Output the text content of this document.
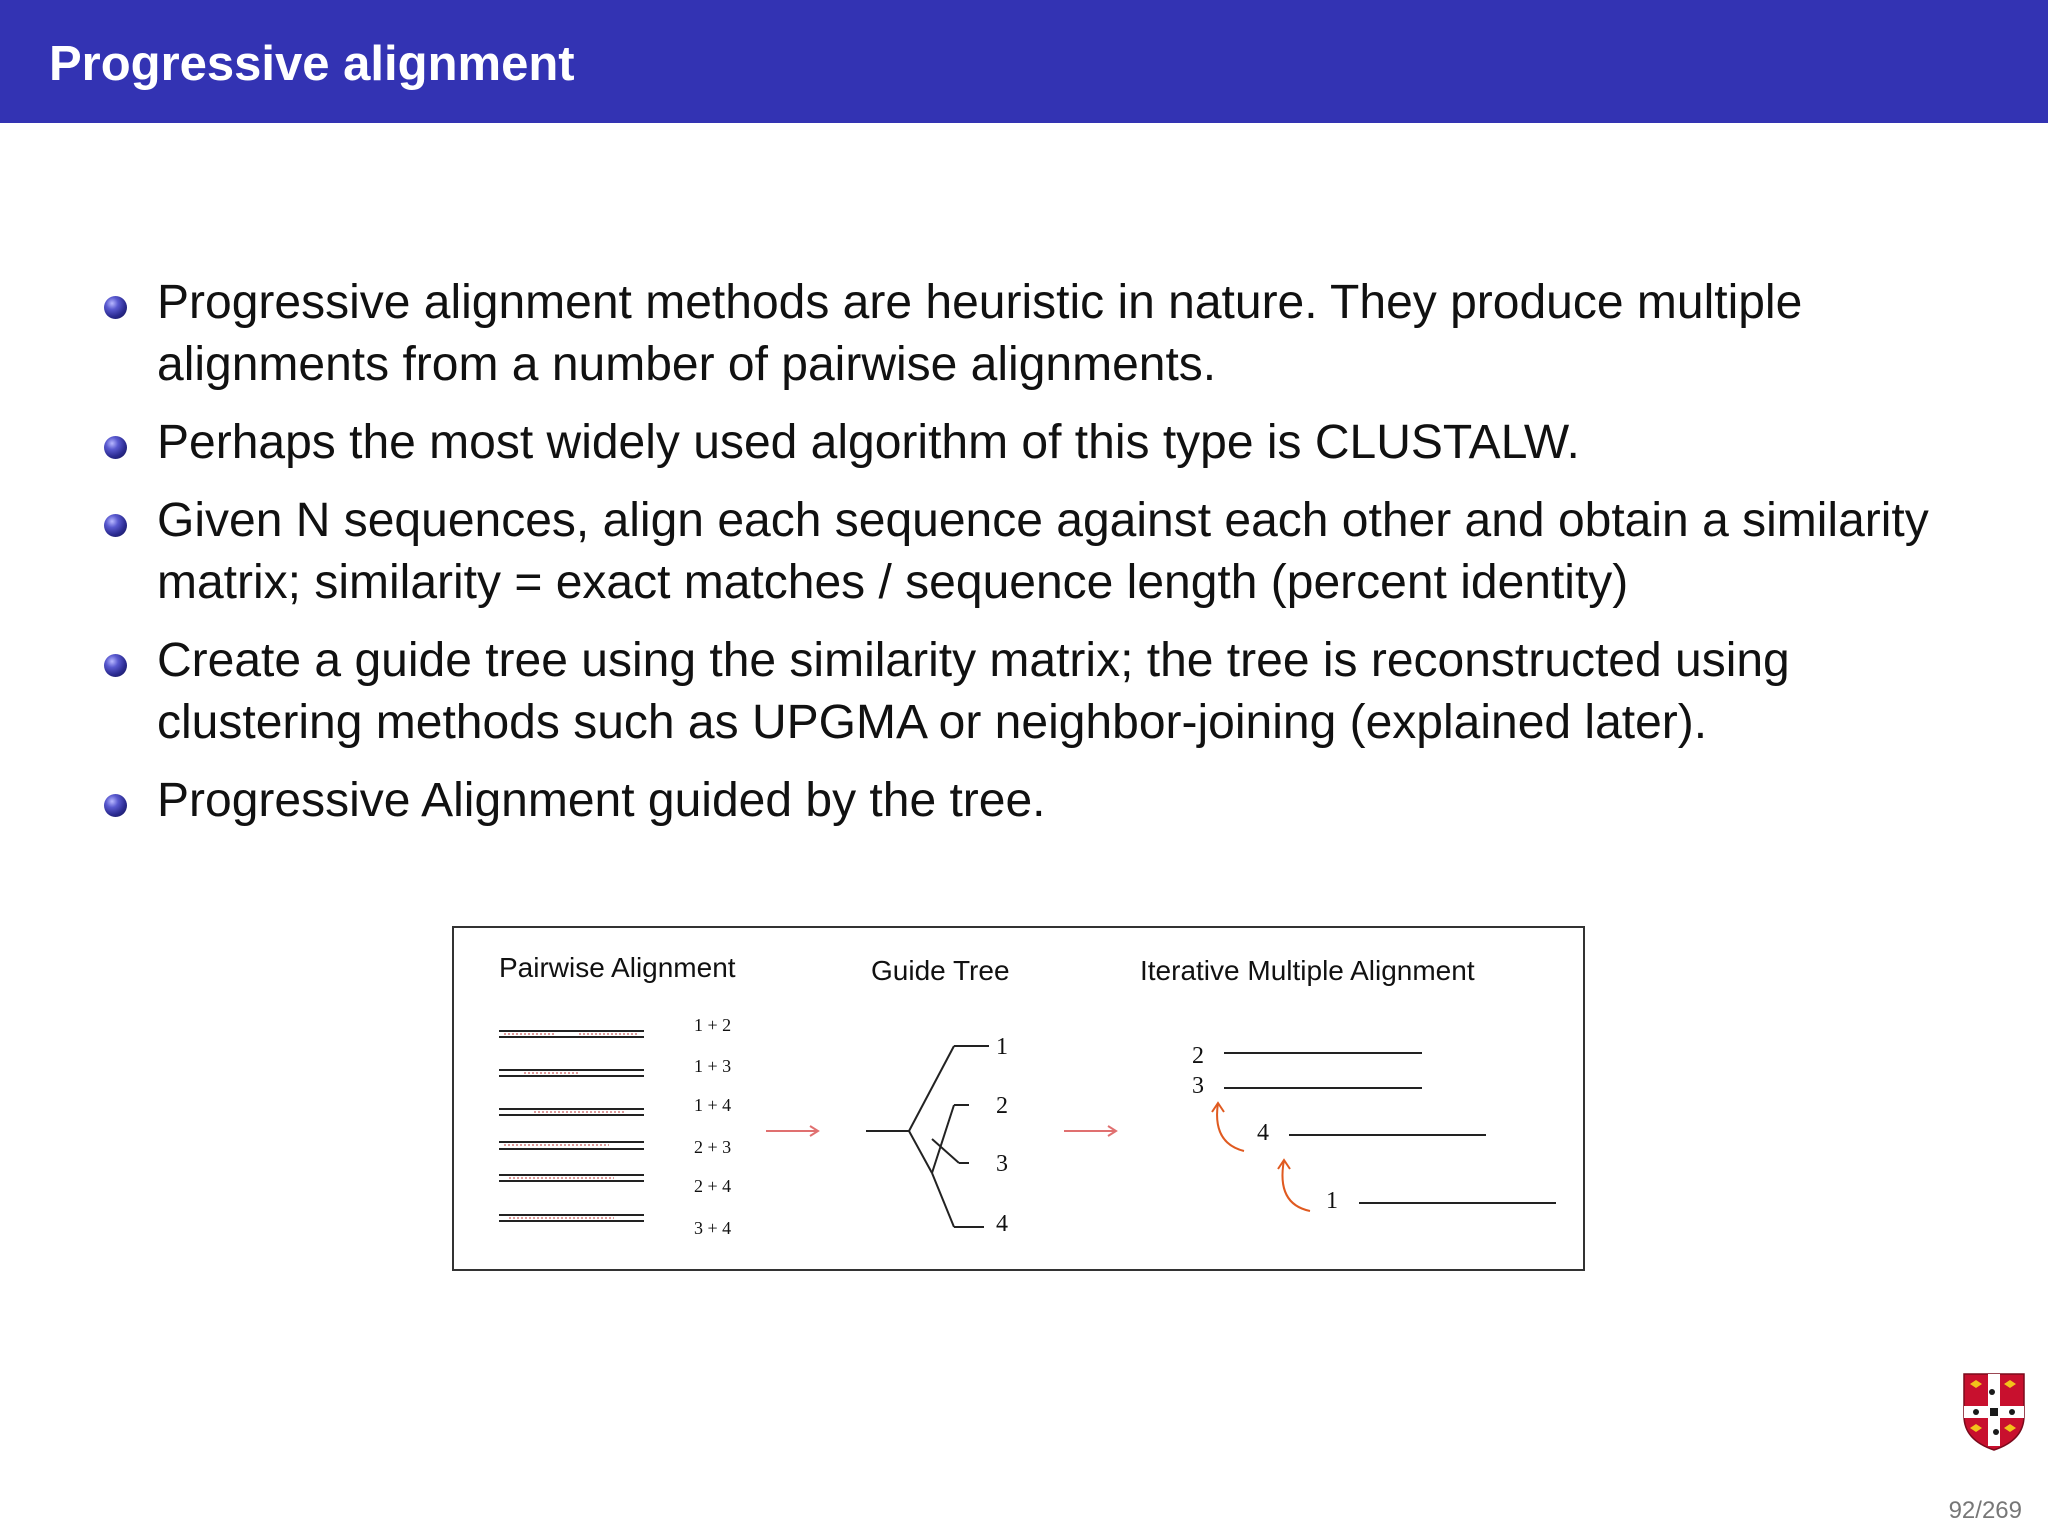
Progressive alignment
Progressive alignment methods are heuristic in nature. They produce multiple alignments from a number of pairwise alignments.
Perhaps the most widely used algorithm of this type is CLUSTALW.
Given N sequences, align each sequence against each other and obtain a similarity matrix; similarity = exact matches / sequence length (percent identity)
Create a guide tree using the similarity matrix; the tree is reconstructed using clustering methods such as UPGMA or neighbor-joining (explained later).
Progressive Alignment guided by the tree.
Pairwise Alignment	Guide Tree	Iterative Multiple Alignment
1 + 2
1 + 3
1 + 4
2 + 3
2 + 4
3 + 4
1
2
3
4
2
3
4
1
92/269
